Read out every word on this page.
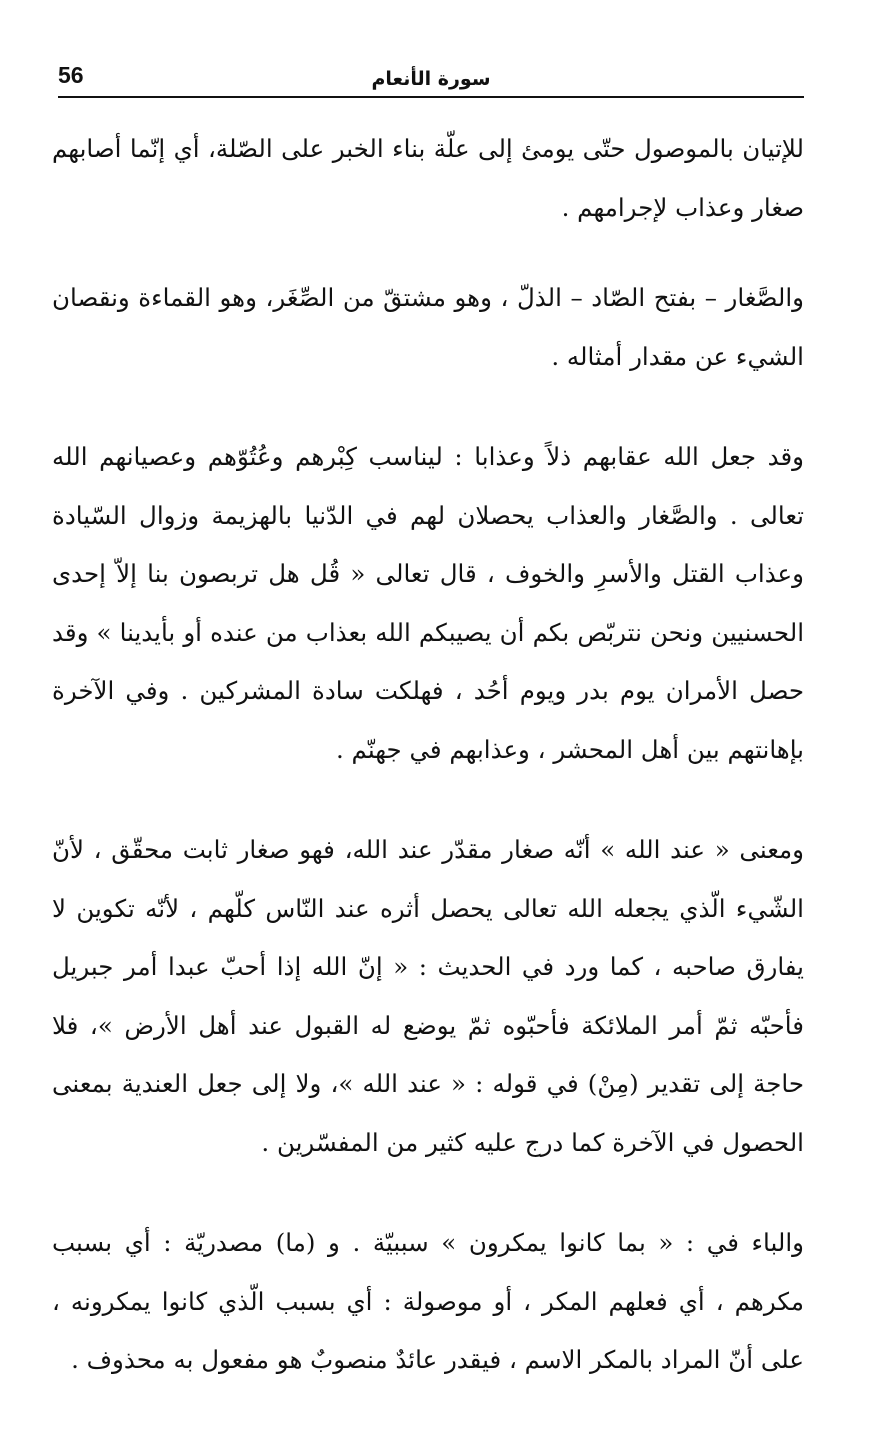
56	سورة الأنعام

للإتيان بالموصول حتّى يومئ إلى علّة بناء الخبر على الصّلة، أي إنّما أصابهم صغار وعذاب لإجرامهم .

والصَّغار – بفتح الصّاد – الذلّ ، وهو مشتقّ من الصِّغَر، وهو القماءة ونقصان الشيء عن مقدار أمثاله .

وقد جعل الله عقابهم ذلاً وعذابا : ليناسب كِبْرهم وعُتُوّهم وعصيانهم الله تعالى . والصَّغار والعذاب يحصلان لهم في الدّنيا بالهزيمة وزوال السّيادة وعذاب القتل والأسرِ والخوف ، قال تعالى « قُل هل تربصون بنا إلاّ إحدى الحسنيين ونحن نتربّص بكم أن يصيبكم الله بعذاب من عنده أو بأيدينا » وقد حصل الأمران يوم بدر ويوم أحُد ، فهلكت سادة المشركين . وفي الآخرة بإهانتهم بين أهل المحشر ، وعذابهم في جهنّم .

ومعنى « عند الله » أنّه صغار مقدّر عند الله، فهو صغار ثابت محقّق ، لأنّ الشّيء الّذي يجعله الله تعالى يحصل أثره عند النّاس كلّهم ، لأنّه تكوين لا يفارق صاحبه ، كما ورد في الحديث : « إنّ الله إذا أحبّ عبدا أمر جبريل فأحبّه ثمّ أمر الملائكة فأحبّوه ثمّ يوضع له القبول عند أهل الأرض »، فلا حاجة إلى تقدير (مِنْ) في قوله : « عند الله »، ولا إلى جعل العندية بمعنى الحصول في الآخرة كما درج عليه كثير من المفسّرين .

والباء في : « بما كانوا يمكرون » سببيّة . و (ما) مصدريّة : أي بسبب مكرهم ، أي فعلهم المكر ، أو موصولة : أي بسبب الّذي كانوا يمكرونه ، على أنّ المراد بالمكر الاسم ، فيقدر عائدٌ منصوبٌ هو مفعول به محذوف .
